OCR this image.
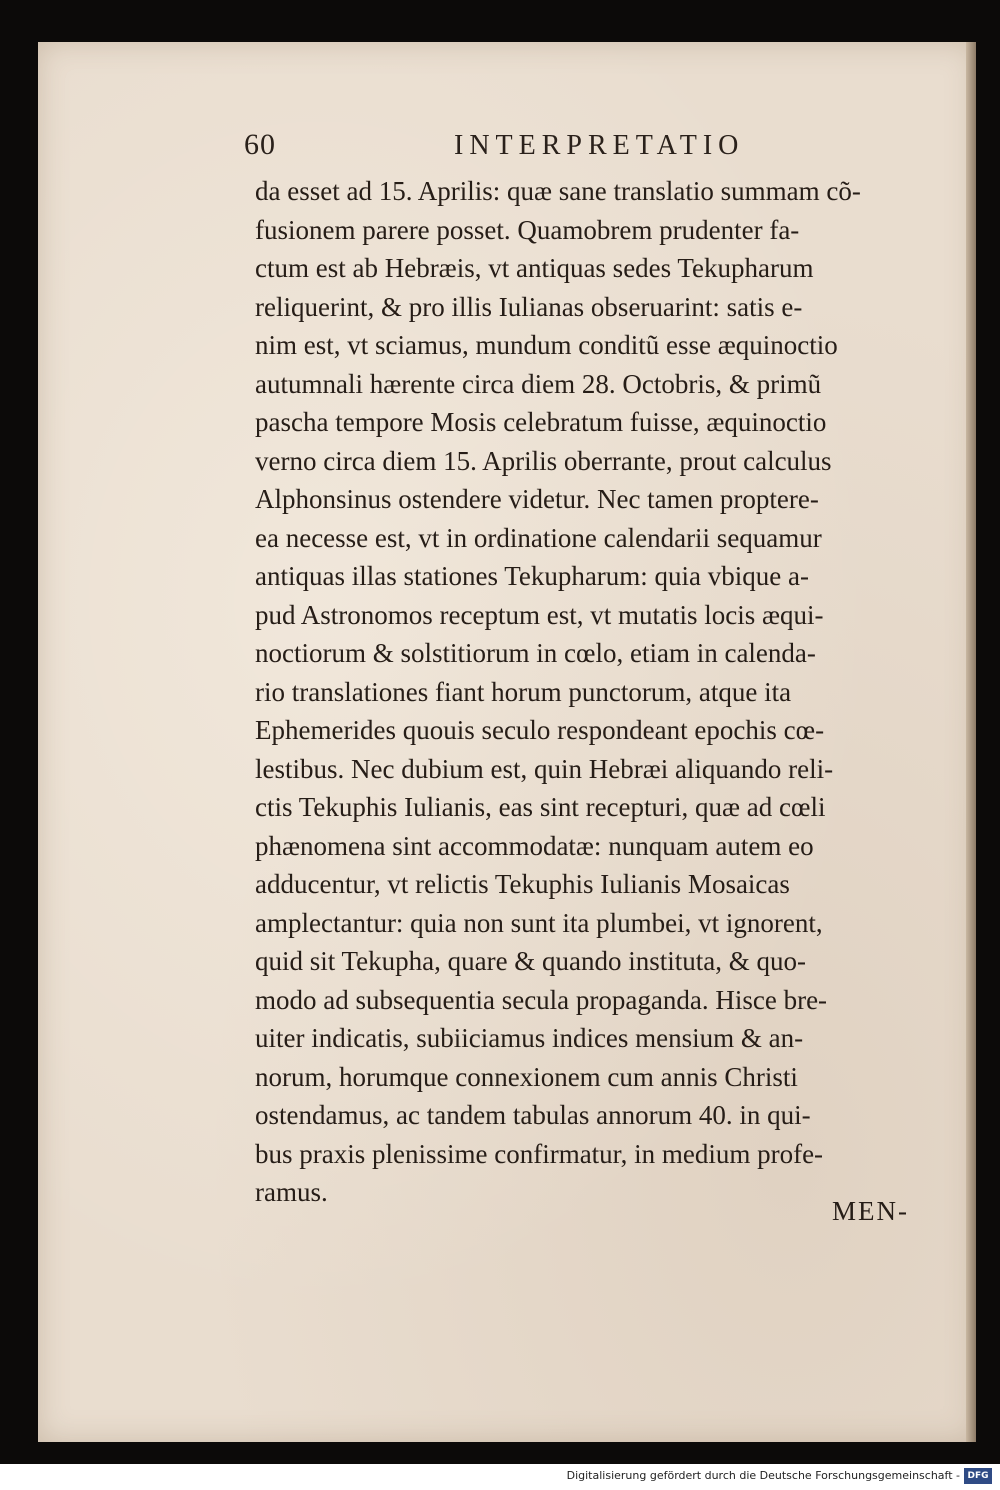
60	INTERPRETATIO
da esset ad 15. Aprilis: quæ sane translatio summam cõ-
fusionem parere posset. Quamobrem prudenter fa-
ctum est ab Hebræis, vt antiquas sedes Tekupharum
reliquerint, & pro illis Iulianas obseruarint: satis e-
nim est, vt sciamus, mundum conditũ esse æquinoctio
autumnali hærente circa diem 28. Octobris, & primũ
pascha tempore Mosis celebratum fuisse, æquinoctio
verno circa diem 15. Aprilis oberrante, prout calculus
Alphonsinus ostendere videtur. Nec tamen proptere-
ea necesse est, vt in ordinatione calendarii sequamur
antiquas illas stationes Tekupharum: quia vbique a-
pud Astronomos receptum est, vt mutatis locis æqui-
noctiorum & solstitiorum in cœlo, etiam in calenda-
rio translationes fiant horum punctorum, atque ita
Ephemerides quouis seculo respondeant epochis cœ-
lestibus. Nec dubium est, quin Hebræi aliquando reli-
ctis Tekuphis Iulianis, eas sint recepturi, quæ ad cœli
phænomena sint accommodatæ: nunquam autem eo
adducentur, vt relictis Tekuphis Iulianis Mosaicas
amplectantur: quia non sunt ita plumbei, vt ignorent,
quid sit Tekupha, quare & quando instituta, & quo-
modo ad subsequentia secula propaganda. Hisce bre-
uiter indicatis, subiiciamus indices mensium & an-
norum, horumque connexionem cum annis Christi
ostendamus, ac tandem tabulas annorum 40. in qui-
bus praxis plenissime confirmatur, in medium profe-
ramus.
MEN-
Digitalisierung gefördert durch die Deutsche Forschungsgemeinschaft - DFG
